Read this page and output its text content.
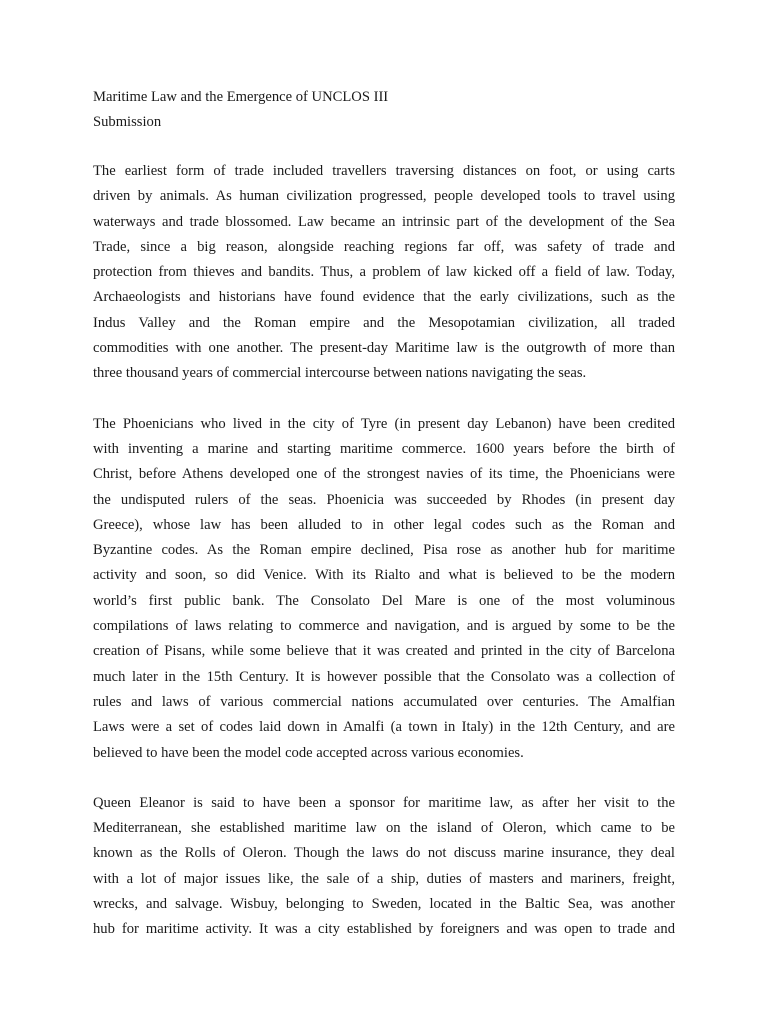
Maritime Law and the Emergence of UNCLOS III

Submission

The earliest form of trade included travellers traversing distances on foot, or using carts
driven by animals. As human civilization progressed, people developed tools to travel using
waterways and trade blossomed. Law became an intrinsic part of the development of the Sea
Trade, since a big reason, alongside reaching regions far off, was safety of trade and
protection from thieves and bandits. Thus, a problem of law kicked off a field of law. Today,
Archaeologists and historians have found evidence that the early civilizations, such as the
Indus Valley and the Roman empire and the Mesopotamian civilization, all traded
commodities with one another. The present-day Maritime law is the outgrowth of more than
three thousand years of commercial intercourse between nations navigating the seas.
The Phoenicians who lived in the city of Tyre (in present day Lebanon) have been credited
with inventing a marine and starting maritime commerce. 1600 years before the birth of
Christ, before Athens developed one of the strongest navies of its time, the Phoenicians were
the undisputed rulers of the seas. Phoenicia was succeeded by Rhodes (in present day
Greece), whose law has been alluded to in other legal codes such as the Roman and
Byzantine codes. As the Roman empire declined, Pisa rose as another hub for maritime
activity and soon, so did Venice. With its Rialto and what is believed to be the modern
world’s first public bank. The Consolato Del Mare is one of the most voluminous
compilations of laws relating to commerce and navigation, and is argued by some to be the
creation of Pisans, while some believe that it was created and printed in the city of Barcelona
much later in the 15th Century. It is however possible that the Consolato was a collection of
rules and laws of various commercial nations accumulated over centuries. The Amalfian
Laws were a set of codes laid down in Amalfi (a town in Italy) in the 12th Century, and are
believed to have been the model code accepted across various economies.
Queen Eleanor is said to have been a sponsor for maritime law, as after her visit to the
Mediterranean, she established maritime law on the island of Oleron, which came to be
known as the Rolls of Oleron. Though the laws do not discuss marine insurance, they deal
with a lot of major issues like, the sale of a ship, duties of masters and mariners, freight,
wrecks, and salvage. Wisbuy, belonging to Sweden, located in the Baltic Sea, was another
hub for maritime activity. It was a city established by foreigners and was open to trade and
